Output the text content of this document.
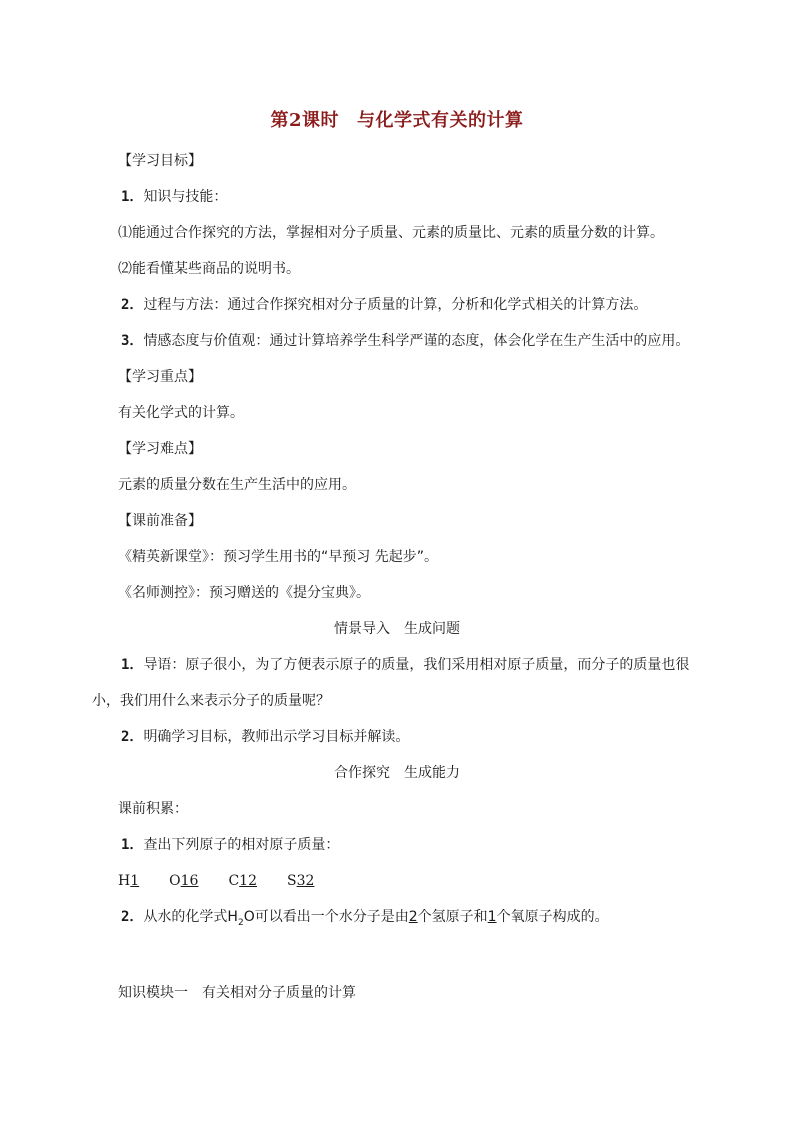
第2课时 与化学式有关的计算
【学习目标】
1．知识与技能：
⑴能通过合作探究的方法，掌握相对分子质量、元素的质量比、元素的质量分数的计算。
⑵能看懂某些商品的说明书。
2．过程与方法：通过合作探究相对分子质量的计算，分析和化学式相关的计算方法。
3．情感态度与价值观：通过计算培养学生科学严谨的态度，体会化学在生产生活中的应用。
【学习重点】
有关化学式的计算。
【学习难点】
元素的质量分数在生产生活中的应用。
【课前准备】
《精英新课堂》：预习学生用书的“早预习 先起步”。
《名师测控》：预习赠送的《提分宝典》。
情景导入　生成问题
1．导语：原子很小，为了方便表示原子的质量，我们采用相对原子质量，而分子的质量也很
小，我们用什么来表示分子的质量呢？
2．明确学习目标，教师出示学习目标并解读。
合作探究　生成能力
课前积累：
1．查出下列原子的相对原子质量：
H1 O16 C12 S32
2．从水的化学式$H_2O$可以看出一个水分子是由2个氢原子和1个氧原子构成的。
知识模块一　有关相对分子质量的计算
